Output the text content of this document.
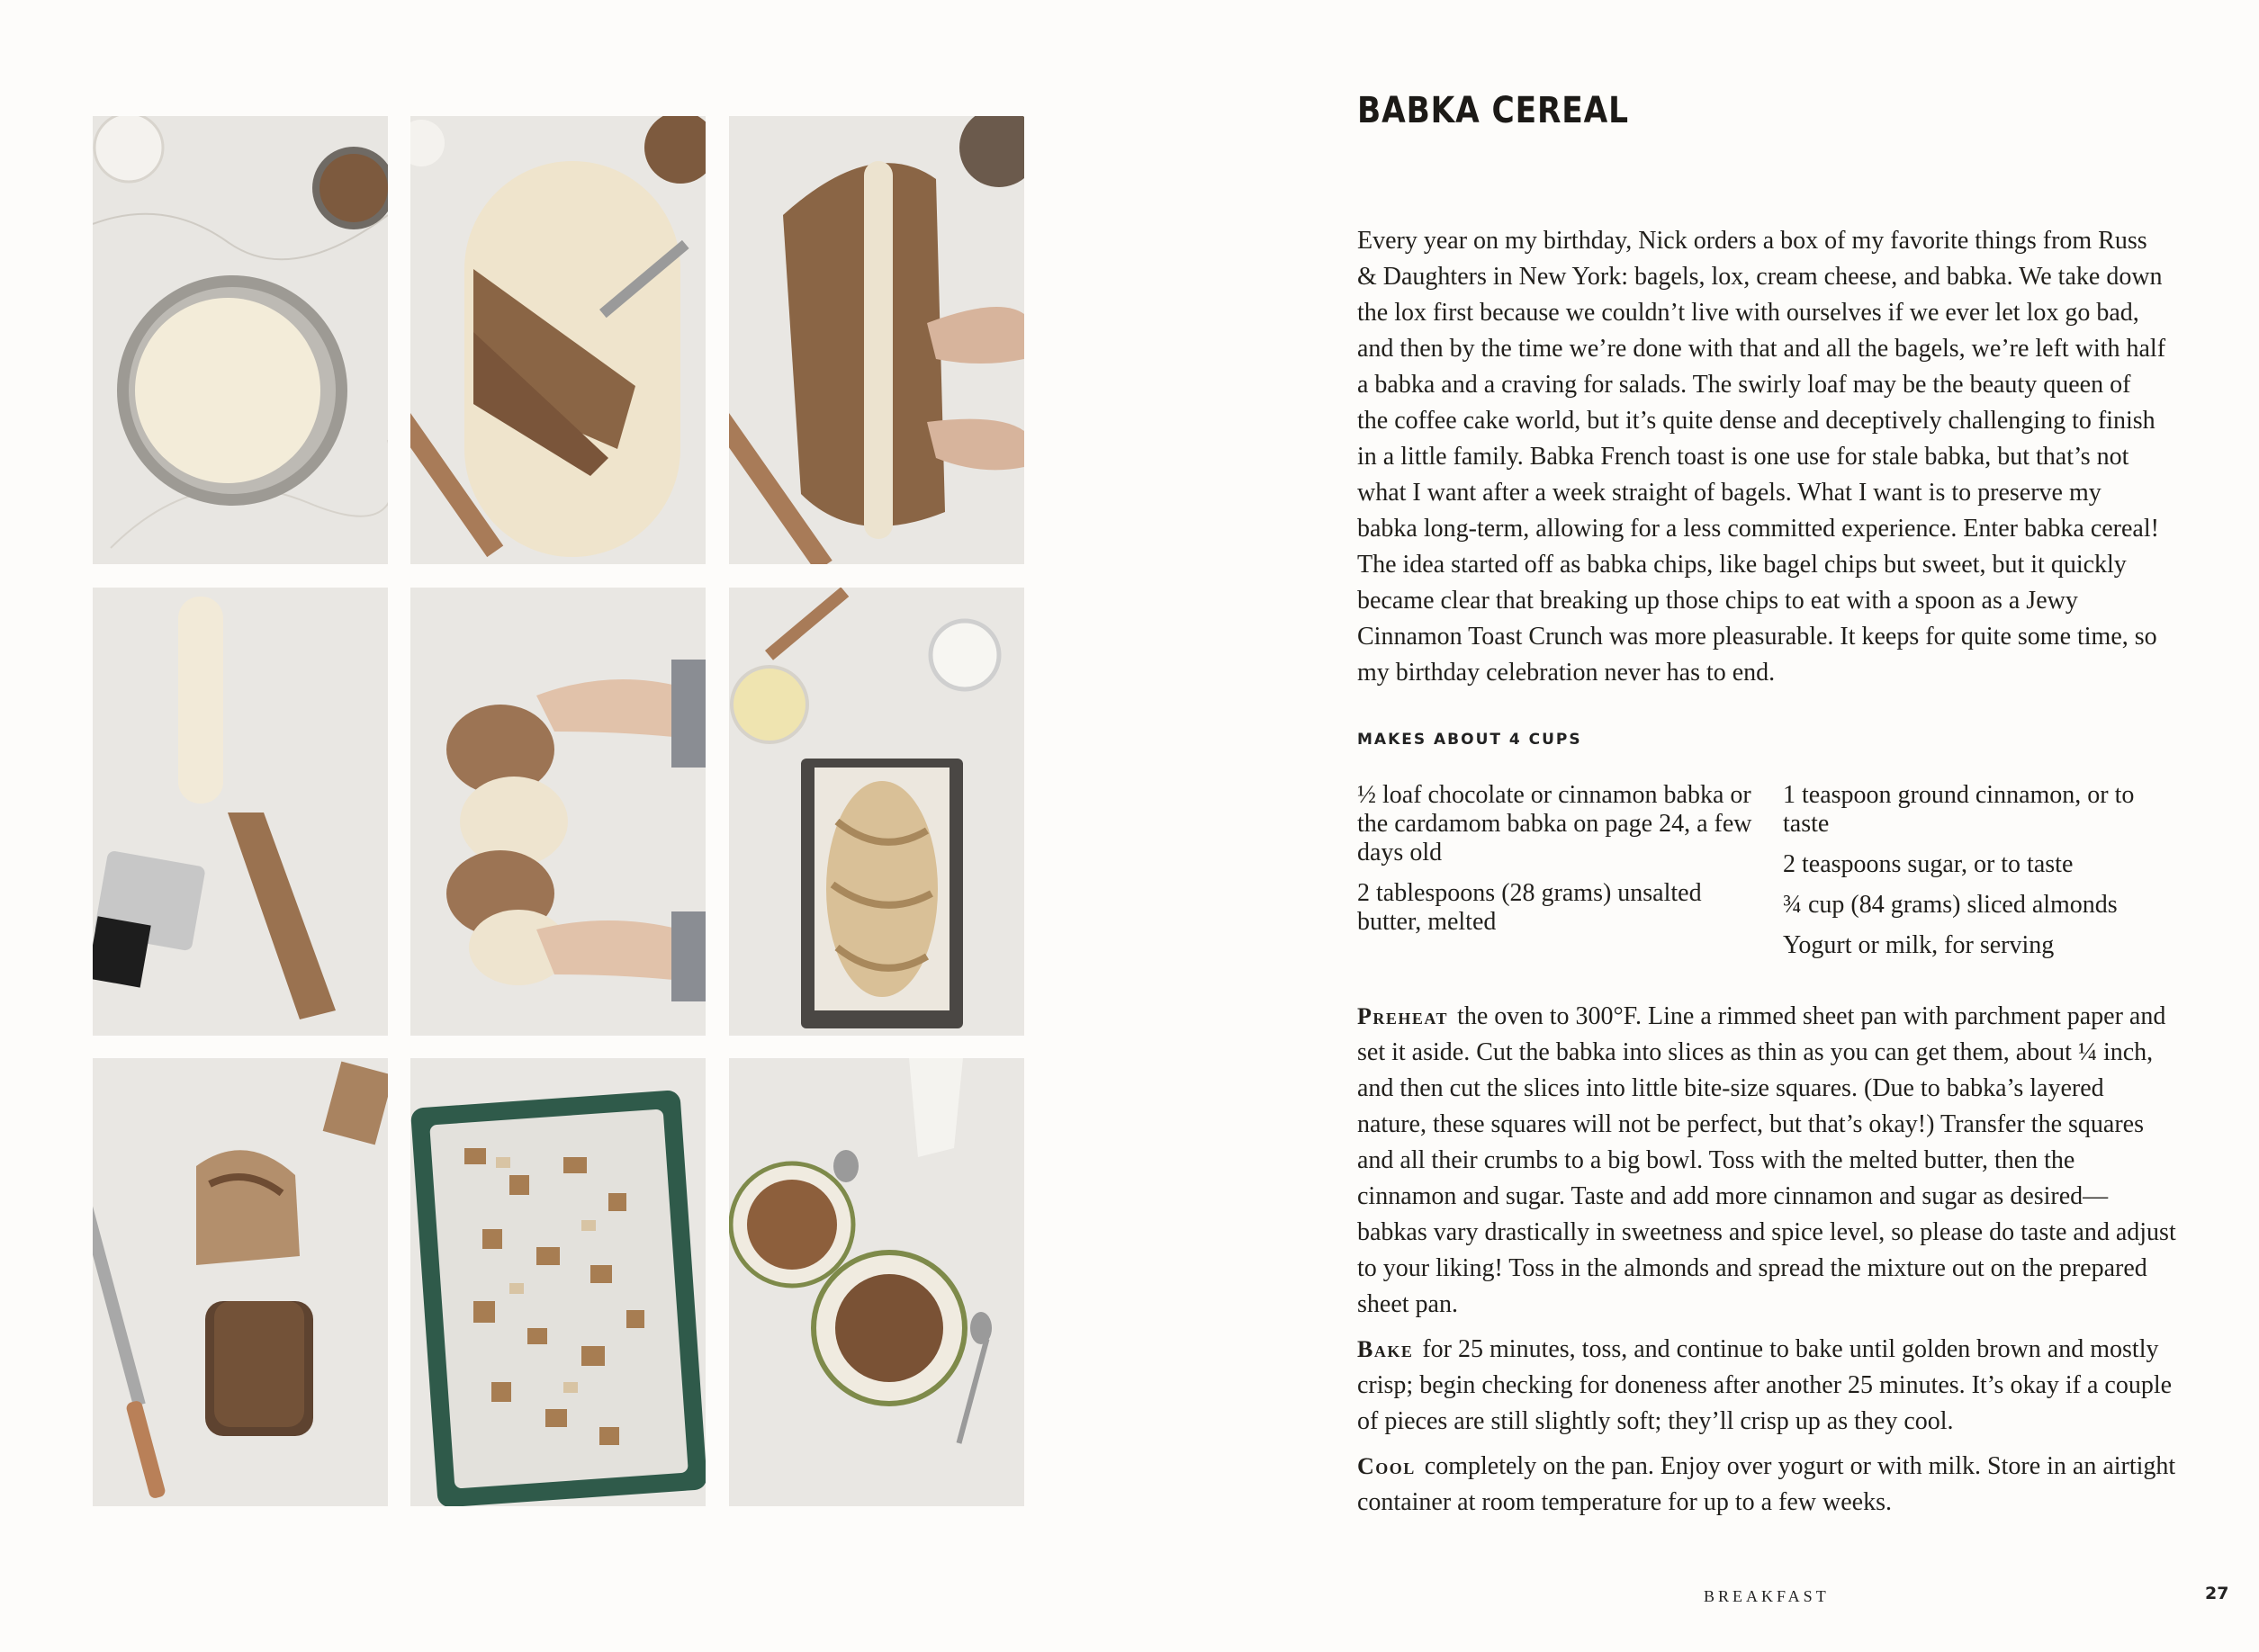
BABKA CEREAL

Every year on my birthday, Nick orders a box of my favorite things from Russ & Daughters in New York: bagels, lox, cream cheese, and babka. We take down the lox first because we couldn’t live with ourselves if we ever let lox go bad, and then by the time we’re done with that and all the bagels, we’re left with half a babka and a craving for salads. The swirly loaf may be the beauty queen of the coffee cake world, but it’s quite dense and deceptively challenging to finish in a little family. Babka French toast is one use for stale babka, but that’s not what I want after a week straight of bagels. What I want is to preserve my babka long-term, allowing for a less committed experience. Enter babka cereal! The idea started off as babka chips, like bagel chips but sweet, but it quickly became clear that breaking up those chips to eat with a spoon as a Jewy Cinnamon Toast Crunch was more pleasurable. It keeps for quite some time, so my birthday celebration never has to end.

MAKES ABOUT 4 CUPS
½ loaf chocolate or cinnamon babka or the cardamom babka on page 24, a few days old
2 tablespoons (28 grams) unsalted butter, melted
1 teaspoon ground cinnamon, or to taste
2 teaspoons sugar, or to taste
¾ cup (84 grams) sliced almonds
Yogurt or milk, for serving

Preheat the oven to 300°F. Line a rimmed sheet pan with parchment paper and set it aside. Cut the babka into slices as thin as you can get them, about ¼ inch, and then cut the slices into little bite-size squares. (Due to babka’s layered nature, these squares will not be perfect, but that’s okay!) Transfer the squares and all their crumbs to a big bowl. Toss with the melted butter, then the cinnamon and sugar. Taste and add more cinnamon and sugar as desired—babkas vary drastically in sweetness and spice level, so please do taste and adjust to your liking! Toss in the almonds and spread the mixture out on the prepared sheet pan.

Bake for 25 minutes, toss, and continue to bake until golden brown and mostly crisp; begin checking for doneness after another 25 minutes. It’s okay if a couple of pieces are still slightly soft; they’ll crisp up as they cool.

Cool completely on the pan. Enjoy over yogurt or with milk. Store in an airtight container at room temperature for up to a few weeks.

BREAKFAST	27
